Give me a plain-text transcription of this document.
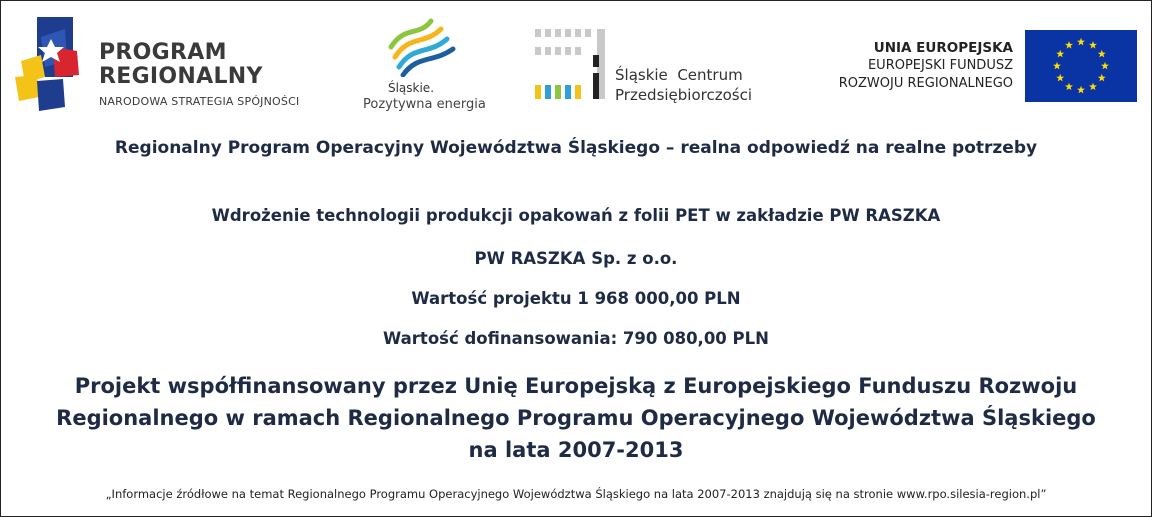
PROGRAM
REGIONALNY
NARODOWA STRATEGIA SPÓJNOŚCI
Śląskie.
Pozytywna energia
Śląskie  Centrum
Przedsiębiorczości
UNIA EUROPEJSKA
EUROPEJSKI FUNDUSZ
ROZWOJU REGIONALNEGO
Regionalny Program Operacyjny Województwa Śląskiego – realna odpowiedź na realne potrzeby
Wdrożenie technologii produkcji opakowań z folii PET w zakładzie PW RASZKA
PW RASZKA Sp. z o.o.
Wartość projektu 1 968 000,00 PLN
Wartość dofinansowania: 790 080,00 PLN
Projekt współfinansowany przez Unię Europejską z Europejskiego Funduszu Rozwoju
Regionalnego w ramach Regionalnego Programu Operacyjnego Województwa Śląskiego
na lata 2007-2013
„Informacje źródłowe na temat Regionalnego Programu Operacyjnego Województwa Śląskiego na lata 2007-2013 znajdują się na stronie www.rpo.silesia-region.pl”
